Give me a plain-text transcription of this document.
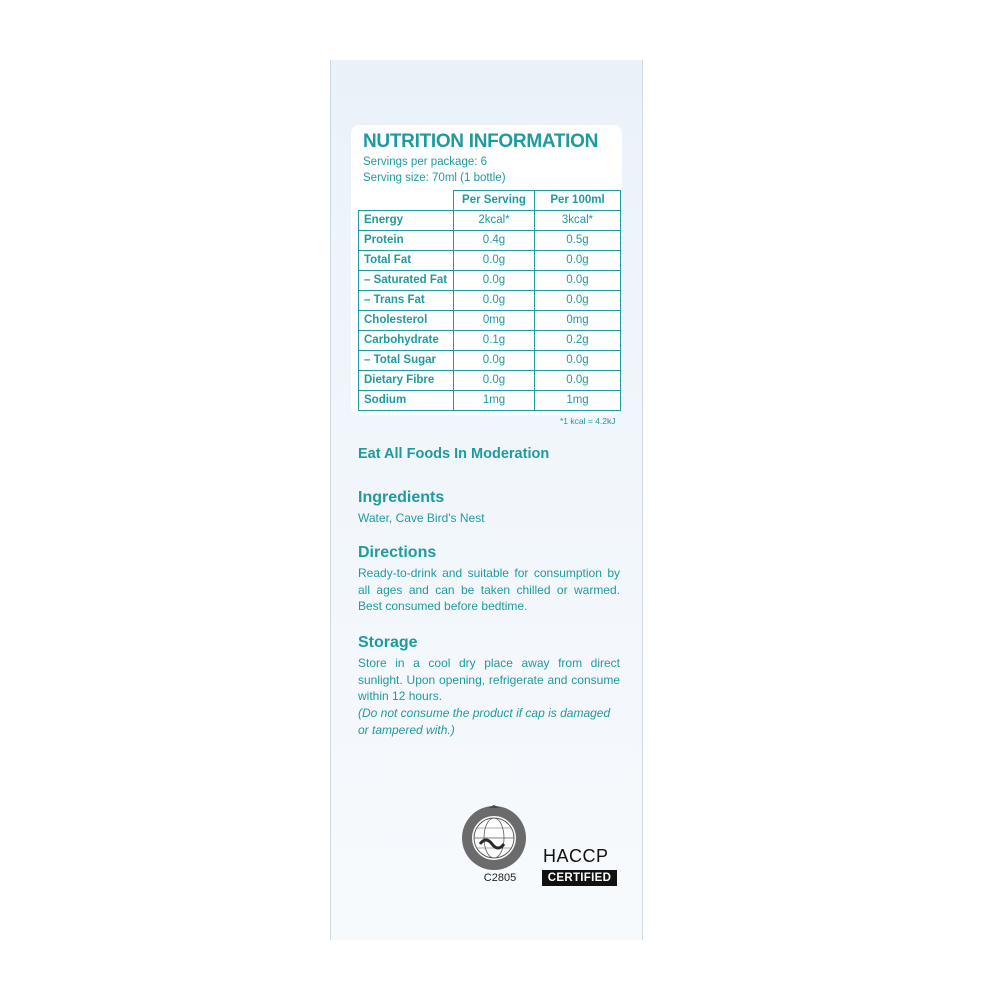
NUTRITION INFORMATION
Servings per package: 6
Serving size: 70ml (1 bottle)
	Per Serving	Per 100ml
Energy	2kcal*	3kcal*
Protein	0.4g	0.5g
Total Fat	0.0g	0.0g
– Saturated Fat	0.0g	0.0g
– Trans Fat	0.0g	0.0g
Cholesterol	0mg	0mg
Carbohydrate	0.1g	0.2g
– Total Sugar	0.0g	0.0g
Dietary Fibre	0.0g	0.0g
Sodium	1mg	1mg
*1 kcal = 4.2kJ
Eat All Foods In Moderation
Ingredients
Water, Cave Bird's Nest
Directions
Ready-to-drink and suitable for consumption by all ages and can be taken chilled or warmed. Best consumed before bedtime.
Storage
Store in a cool dry place away from direct sunlight. Upon opening, refrigerate and consume within 12 hours.
(Do not consume the product if cap is damaged or tampered with.)
C2805
HACCP
CERTIFIED
